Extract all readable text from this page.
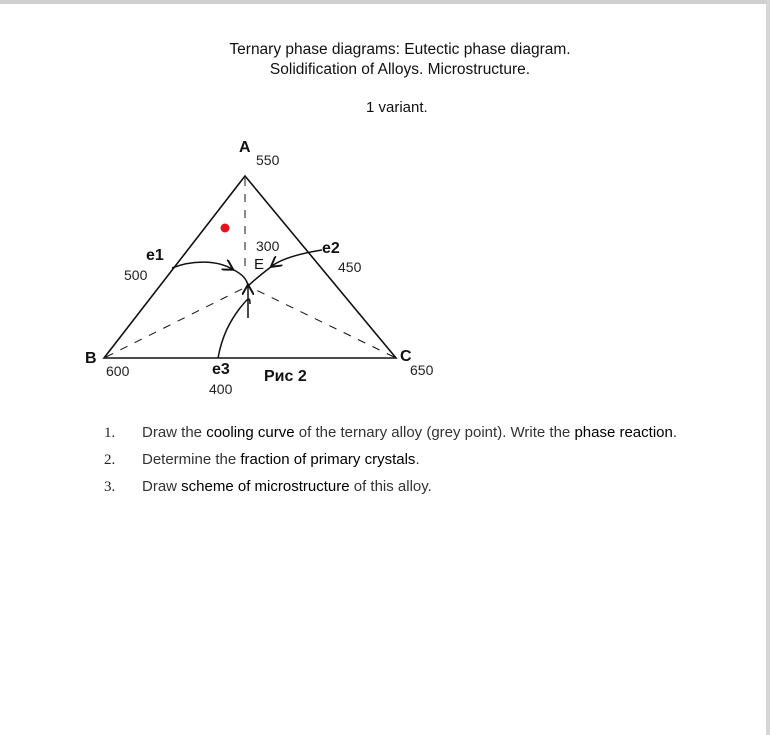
Ternary phase diagrams: Eutectic phase diagram.
Solidification of Alloys. Microstructure.
1 variant.
A
550
B
600
C
650
300
E
e1
500
e2
450
e3
400
Рис 2
1.	Draw the cooling curve of the ternary alloy (grey point). Write the phase reaction.
2.	Determine the fraction of primary crystals.
3.	Draw scheme of microstructure of this alloy.
